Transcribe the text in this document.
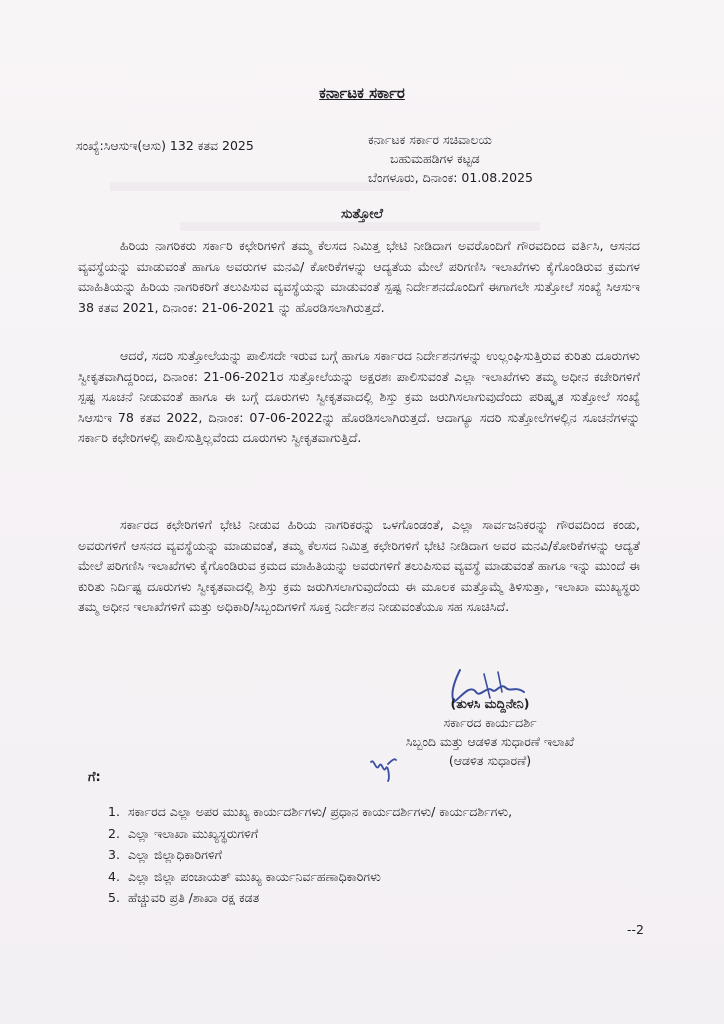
ಕರ್ನಾಟಕ ಸರ್ಕಾರ
ಸಂಖ್ಯೆ:ಸಿಆಸುಇ(ಆಸು) 132 ಕತವ 2025	ಕರ್ನಾಟಕ ಸರ್ಕಾರ ಸಚಿವಾಲಯ
ಬಹುಮಹಡಿಗಳ ಕಟ್ಟಡ
ಬೆಂಗಳೂರು, ದಿನಾಂಕ: 01.08.2025
ಸುತ್ತೋಲೆ

ಹಿರಿಯ ನಾಗರಿಕರು ಸರ್ಕಾರಿ ಕಛೇರಿಗಳಿಗೆ ತಮ್ಮ ಕೆಲಸದ ನಿಮಿತ್ತ ಭೇಟಿ ನೀಡಿದಾಗ ಅವರೊಂದಿಗೆ ಗೌರವದಿಂದ ವರ್ತಿಸಿ, ಆಸನದ ವ್ಯವಸ್ಥೆಯನ್ನು ಮಾಡುವಂತೆ ಹಾಗೂ ಅವರುಗಳ ಮನವಿ/ ಕೋರಿಕೆಗಳನ್ನು ಆದ್ಯತೆಯ ಮೇಲೆ ಪರಿಗಣಿಸಿ ಇಲಾಖೆಗಳು ಕೈಗೊಂಡಿರುವ ಕ್ರಮಗಳ ಮಾಹಿತಿಯನ್ನು ಹಿರಿಯ ನಾಗರಿಕರಿಗೆ ತಲುಪಿಸುವ ವ್ಯವಸ್ಥೆಯನ್ನು ಮಾಡುವಂತೆ ಸ್ಪಷ್ಟ ನಿರ್ದೇಶನದೊಂದಿಗೆ ಈಗಾಗಲೇ ಸುತ್ತೋಲೆ ಸಂಖ್ಯೆ ಸಿಆಸುಇ 38 ಕತವ 2021, ದಿನಾಂಕ: 21-06-2021 ನ್ನು ಹೊರಡಿಸಲಾಗಿರುತ್ತದೆ.

ಆದರೆ, ಸದರಿ ಸುತ್ತೋಲೆಯನ್ನು ಪಾಲಿಸದೇ ಇರುವ ಬಗ್ಗೆ ಹಾಗೂ ಸರ್ಕಾರದ ನಿರ್ದೇಶನಗಳನ್ನು ಉಲ್ಲಂಘಿಸುತ್ತಿರುವ ಕುರಿತು ದೂರುಗಳು ಸ್ವೀಕೃತವಾಗಿದ್ದರಿಂದ, ದಿನಾಂಕ: 21-06-2021ರ ಸುತ್ತೋಲೆಯನ್ನು ಅಕ್ಷರಶಃ ಪಾಲಿಸುವಂತೆ ಎಲ್ಲಾ ಇಲಾಖೆಗಳು ತಮ್ಮ ಅಧೀನ ಕಚೇರಿಗಳಿಗೆ ಸ್ಪಷ್ಟ ಸೂಚನೆ ನೀಡುವಂತೆ ಹಾಗೂ ಈ ಬಗ್ಗೆ ದೂರುಗಳು ಸ್ವೀಕೃತವಾದಲ್ಲಿ ಶಿಸ್ತು ಕ್ರಮ ಜರುಗಿಸಲಾಗುವುದೆಂದು ಪರಿಷ್ಕೃತ ಸುತ್ತೋಲೆ ಸಂಖ್ಯೆ ಸಿಆಸುಇ 78 ಕತವ 2022, ದಿನಾಂಕ: 07-06-2022ನ್ನು ಹೊರಡಿಸಲಾಗಿರುತ್ತದೆ. ಆದಾಗ್ಯೂ ಸದರಿ ಸುತ್ತೋಲೆಗಳಲ್ಲಿನ ಸೂಚನೆಗಳನ್ನು ಸರ್ಕಾರಿ ಕಛೇರಿಗಳಲ್ಲಿ ಪಾಲಿಸುತ್ತಿಲ್ಲವೆಂದು ದೂರುಗಳು ಸ್ವೀಕೃತವಾಗುತ್ತಿದೆ.

ಸರ್ಕಾರದ ಕಛೇರಿಗಳಿಗೆ ಭೇಟಿ ನೀಡುವ ಹಿರಿಯ ನಾಗರಿಕರನ್ನು ಒಳಗೊಂಡಂತೆ, ಎಲ್ಲಾ ಸಾರ್ವಜನಿಕರನ್ನು ಗೌರವದಿಂದ ಕಂಡು, ಅವರುಗಳಿಗೆ ಆಸನದ ವ್ಯವಸ್ಥೆಯನ್ನು ಮಾಡುವಂತೆ, ತಮ್ಮ ಕೆಲಸದ ನಿಮಿತ್ತ ಕಛೇರಿಗಳಿಗೆ ಭೇಟಿ ನೀಡಿದಾಗ ಅವರ ಮನವಿ/ಕೋರಿಕೆಗಳನ್ನು ಆದ್ಯತೆ ಮೇಲೆ ಪರಿಗಣಿಸಿ ಇಲಾಖೆಗಳು ಕೈಗೊಂಡಿರುವ ಕ್ರಮದ ಮಾಹಿತಿಯನ್ನು ಅವರುಗಳಿಗೆ ತಲುಪಿಸುವ ವ್ಯವಸ್ಥೆ ಮಾಡುವಂತೆ ಹಾಗೂ ಇನ್ನು ಮುಂದೆ ಈ ಕುರಿತು ನಿರ್ದಿಷ್ಟ ದೂರುಗಳು ಸ್ವೀಕೃತವಾದಲ್ಲಿ ಶಿಸ್ತು ಕ್ರಮ ಜರುಗಿಸಲಾಗುವುದೆಂದು ಈ ಮೂಲಕ ಮತ್ತೊಮ್ಮೆ ತಿಳಿಸುತ್ತಾ, ಇಲಾಖಾ ಮುಖ್ಯಸ್ಥರು ತಮ್ಮ ಅಧೀನ ಇಲಾಖೆಗಳಿಗೆ ಮತ್ತು ಅಧಿಕಾರಿ/ಸಿಬ್ಬಂದಿಗಳಿಗೆ ಸೂಕ್ತ ನಿರ್ದೇಶನ ನೀಡುವಂತೆಯೂ ಸಹ ಸೂಚಿಸಿದೆ.

(ತುಳಸಿ ಮದ್ದಿನೇನಿ)
ಸರ್ಕಾರದ ಕಾರ್ಯದರ್ಶಿ
ಸಿಬ್ಬಂದಿ ಮತ್ತು ಆಡಳಿತ ಸುಧಾರಣೆ ಇಲಾಖೆ
(ಆಡಳಿತ ಸುಧಾರಣೆ)
ಗೆ:
1. ಸರ್ಕಾರದ ಎಲ್ಲಾ ಅಪರ ಮುಖ್ಯ ಕಾರ್ಯದರ್ಶಿಗಳು/ ಪ್ರಧಾನ ಕಾರ್ಯದರ್ಶಿಗಳು/ ಕಾರ್ಯದರ್ಶಿಗಳು,
2. ಎಲ್ಲಾ ಇಲಾಖಾ ಮುಖ್ಯಸ್ಥರುಗಳಿಗೆ
3. ಎಲ್ಲಾ ಜಿಲ್ಲಾಧಿಕಾರಿಗಳಿಗೆ
4. ಎಲ್ಲಾ ಜಿಲ್ಲಾ ಪಂಚಾಯತ್ ಮುಖ್ಯ ಕಾರ್ಯನಿರ್ವಹಣಾಧಿಕಾರಿಗಳು
5. ಹೆಚ್ಚುವರಿ ಪ್ರತಿ /ಶಾಖಾ ರಕ್ಷ ಕಡತ
--2
